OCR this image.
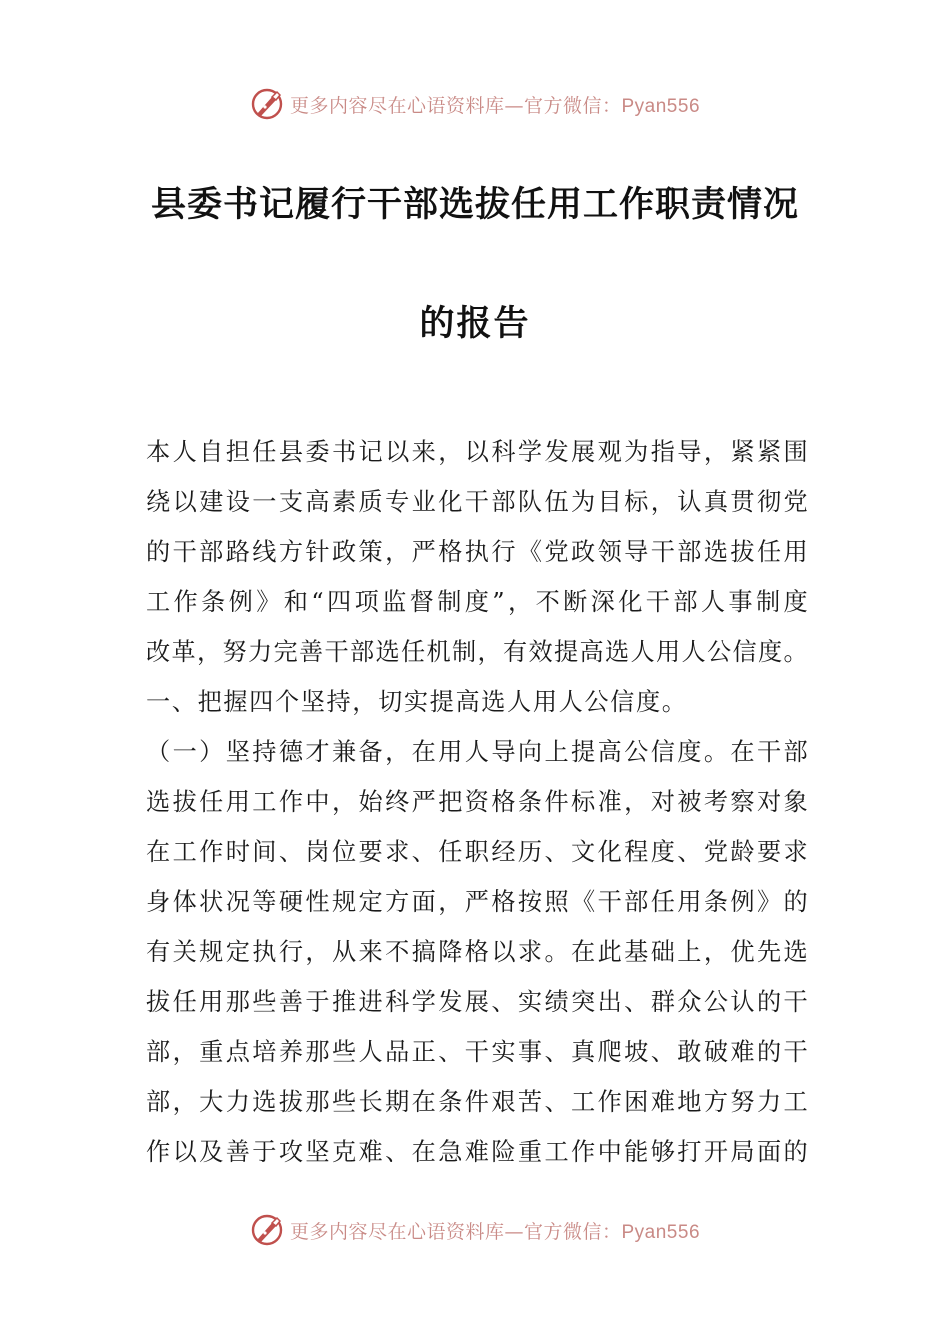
更多内容尽在心语资料库—官方微信：Pyan556
县委书记履行干部选拔任用工作职责情况
的报告
本人自担任县委书记以来，以科学发展观为指导，紧紧围
绕以建设一支高素质专业化干部队伍为目标，认真贯彻党
的干部路线方针政策，严格执行《党政领导干部选拔任用
工作条例》和“四项监督制度”，不断深化干部人事制度
改革，努力完善干部选任机制，有效提高选人用人公信度。
一、把握四个坚持，切实提高选人用人公信度。
（一）坚持德才兼备，在用人导向上提高公信度。在干部
选拔任用工作中，始终严把资格条件标准，对被考察对象
在工作时间、岗位要求、任职经历、文化程度、党龄要求
身体状况等硬性规定方面，严格按照《干部任用条例》的
有关规定执行，从来不搞降格以求。在此基础上，优先选
拔任用那些善于推进科学发展、实绩突出、群众公认的干
部，重点培养那些人品正、干实事、真爬坡、敢破难的干
部，大力选拔那些长期在条件艰苦、工作困难地方努力工
作以及善于攻坚克难、在急难险重工作中能够打开局面的
更多内容尽在心语资料库—官方微信：Pyan556
